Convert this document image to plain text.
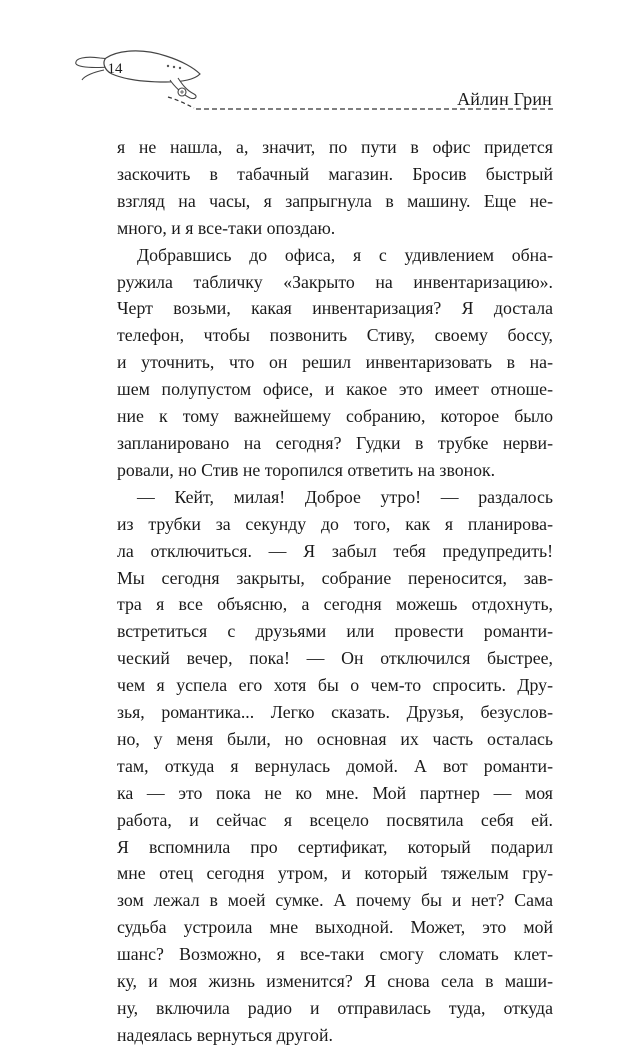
14
Айлин Грин

я не нашла, а, значит, по пути в офис придется
заскочить в табачный магазин. Бросив быстрый
взгляд на часы, я запрыгнула в машину. Еще не-
много, и я все-таки опоздаю.

Добравшись до офиса, я с удивлением обна-
ружила табличку «Закрыто на инвентаризацию».
Черт возьми, какая инвентаризация? Я достала
телефон, чтобы позвонить Стиву, своему боссу,
и уточнить, что он решил инвентаризовать в на-
шем полупустом офисе, и какое это имеет отноше-
ние к тому важнейшему собранию, которое было
запланировано на сегодня? Гудки в трубке нерви-
ровали, но Стив не торопился ответить на звонок.

— Кейт, милая! Доброе утро! — раздалось
из трубки за секунду до того, как я планирова-
ла отключиться. — Я забыл тебя предупредить!
Мы сегодня закрыты, собрание переносится, зав-
тра я все объясню, а сегодня можешь отдохнуть,
встретиться с друзьями или провести романти-
ческий вечер, пока! — Он отключился быстрее,
чем я успела его хотя бы о чем-то спросить. Дру-
зья, романтика... Легко сказать. Друзья, безуслов-
но, у меня были, но основная их часть осталась
там, откуда я вернулась домой. А вот романти-
ка — это пока не ко мне. Мой партнер — моя
работа, и сейчас я всецело посвятила себя ей.
Я вспомнила про сертификат, который подарил
мне отец сегодня утром, и который тяжелым гру-
зом лежал в моей сумке. А почему бы и нет? Сама
судьба устроила мне выходной. Может, это мой
шанс? Возможно, я все-таки смогу сломать клет-
ку, и моя жизнь изменится? Я снова села в маши-
ну, включила радио и отправилась туда, откуда
надеялась вернуться другой.
